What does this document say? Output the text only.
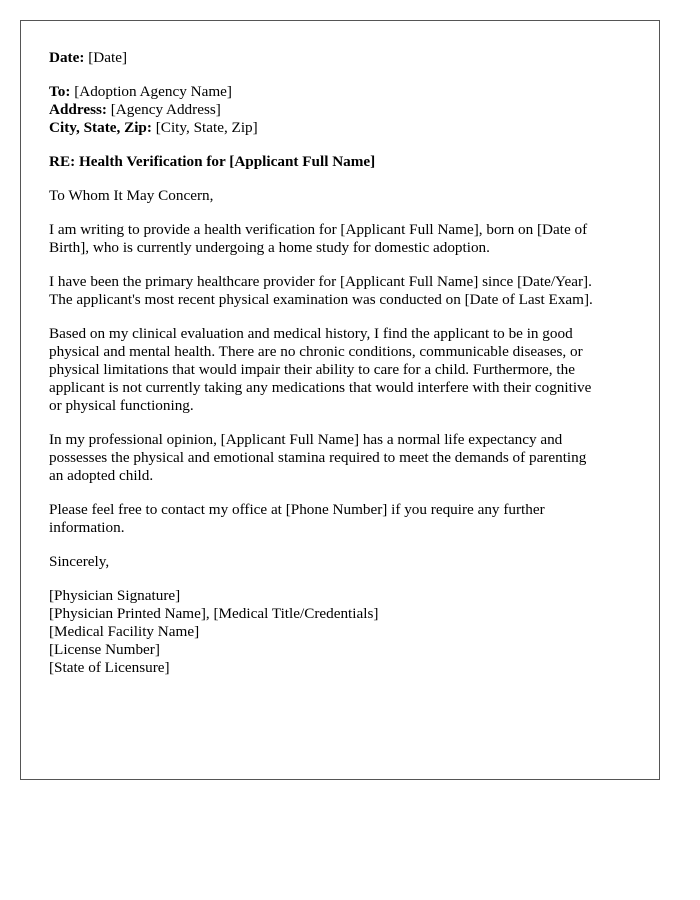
Date: [Date]

To: [Adoption Agency Name]

Address: [Agency Address]

City, State, Zip: [City, State, Zip]

RE: Health Verification for [Applicant Full Name]

To Whom It May Concern,

I am writing to provide a health verification for [Applicant Full Name], born on [Date of
Birth], who is currently undergoing a home study for domestic adoption.
I have been the primary healthcare provider for [Applicant Full Name] since [Date/Year].
The applicant's most recent physical examination was conducted on [Date of Last Exam].
Based on my clinical evaluation and medical history, I find the applicant to be in good
physical and mental health. There are no chronic conditions, communicable diseases, or
physical limitations that would impair their ability to care for a child. Furthermore, the
applicant is not currently taking any medications that would interfere with their cognitive
or physical functioning.
In my professional opinion, [Applicant Full Name] has a normal life expectancy and
possesses the physical and emotional stamina required to meet the demands of parenting
an adopted child.
Please feel free to contact my office at [Phone Number] if you require any further
information.

Sincerely,

[Physician Signature]
[Physician Printed Name], [Medical Title/Credentials]
[Medical Facility Name]
[License Number]
[State of Licensure]
